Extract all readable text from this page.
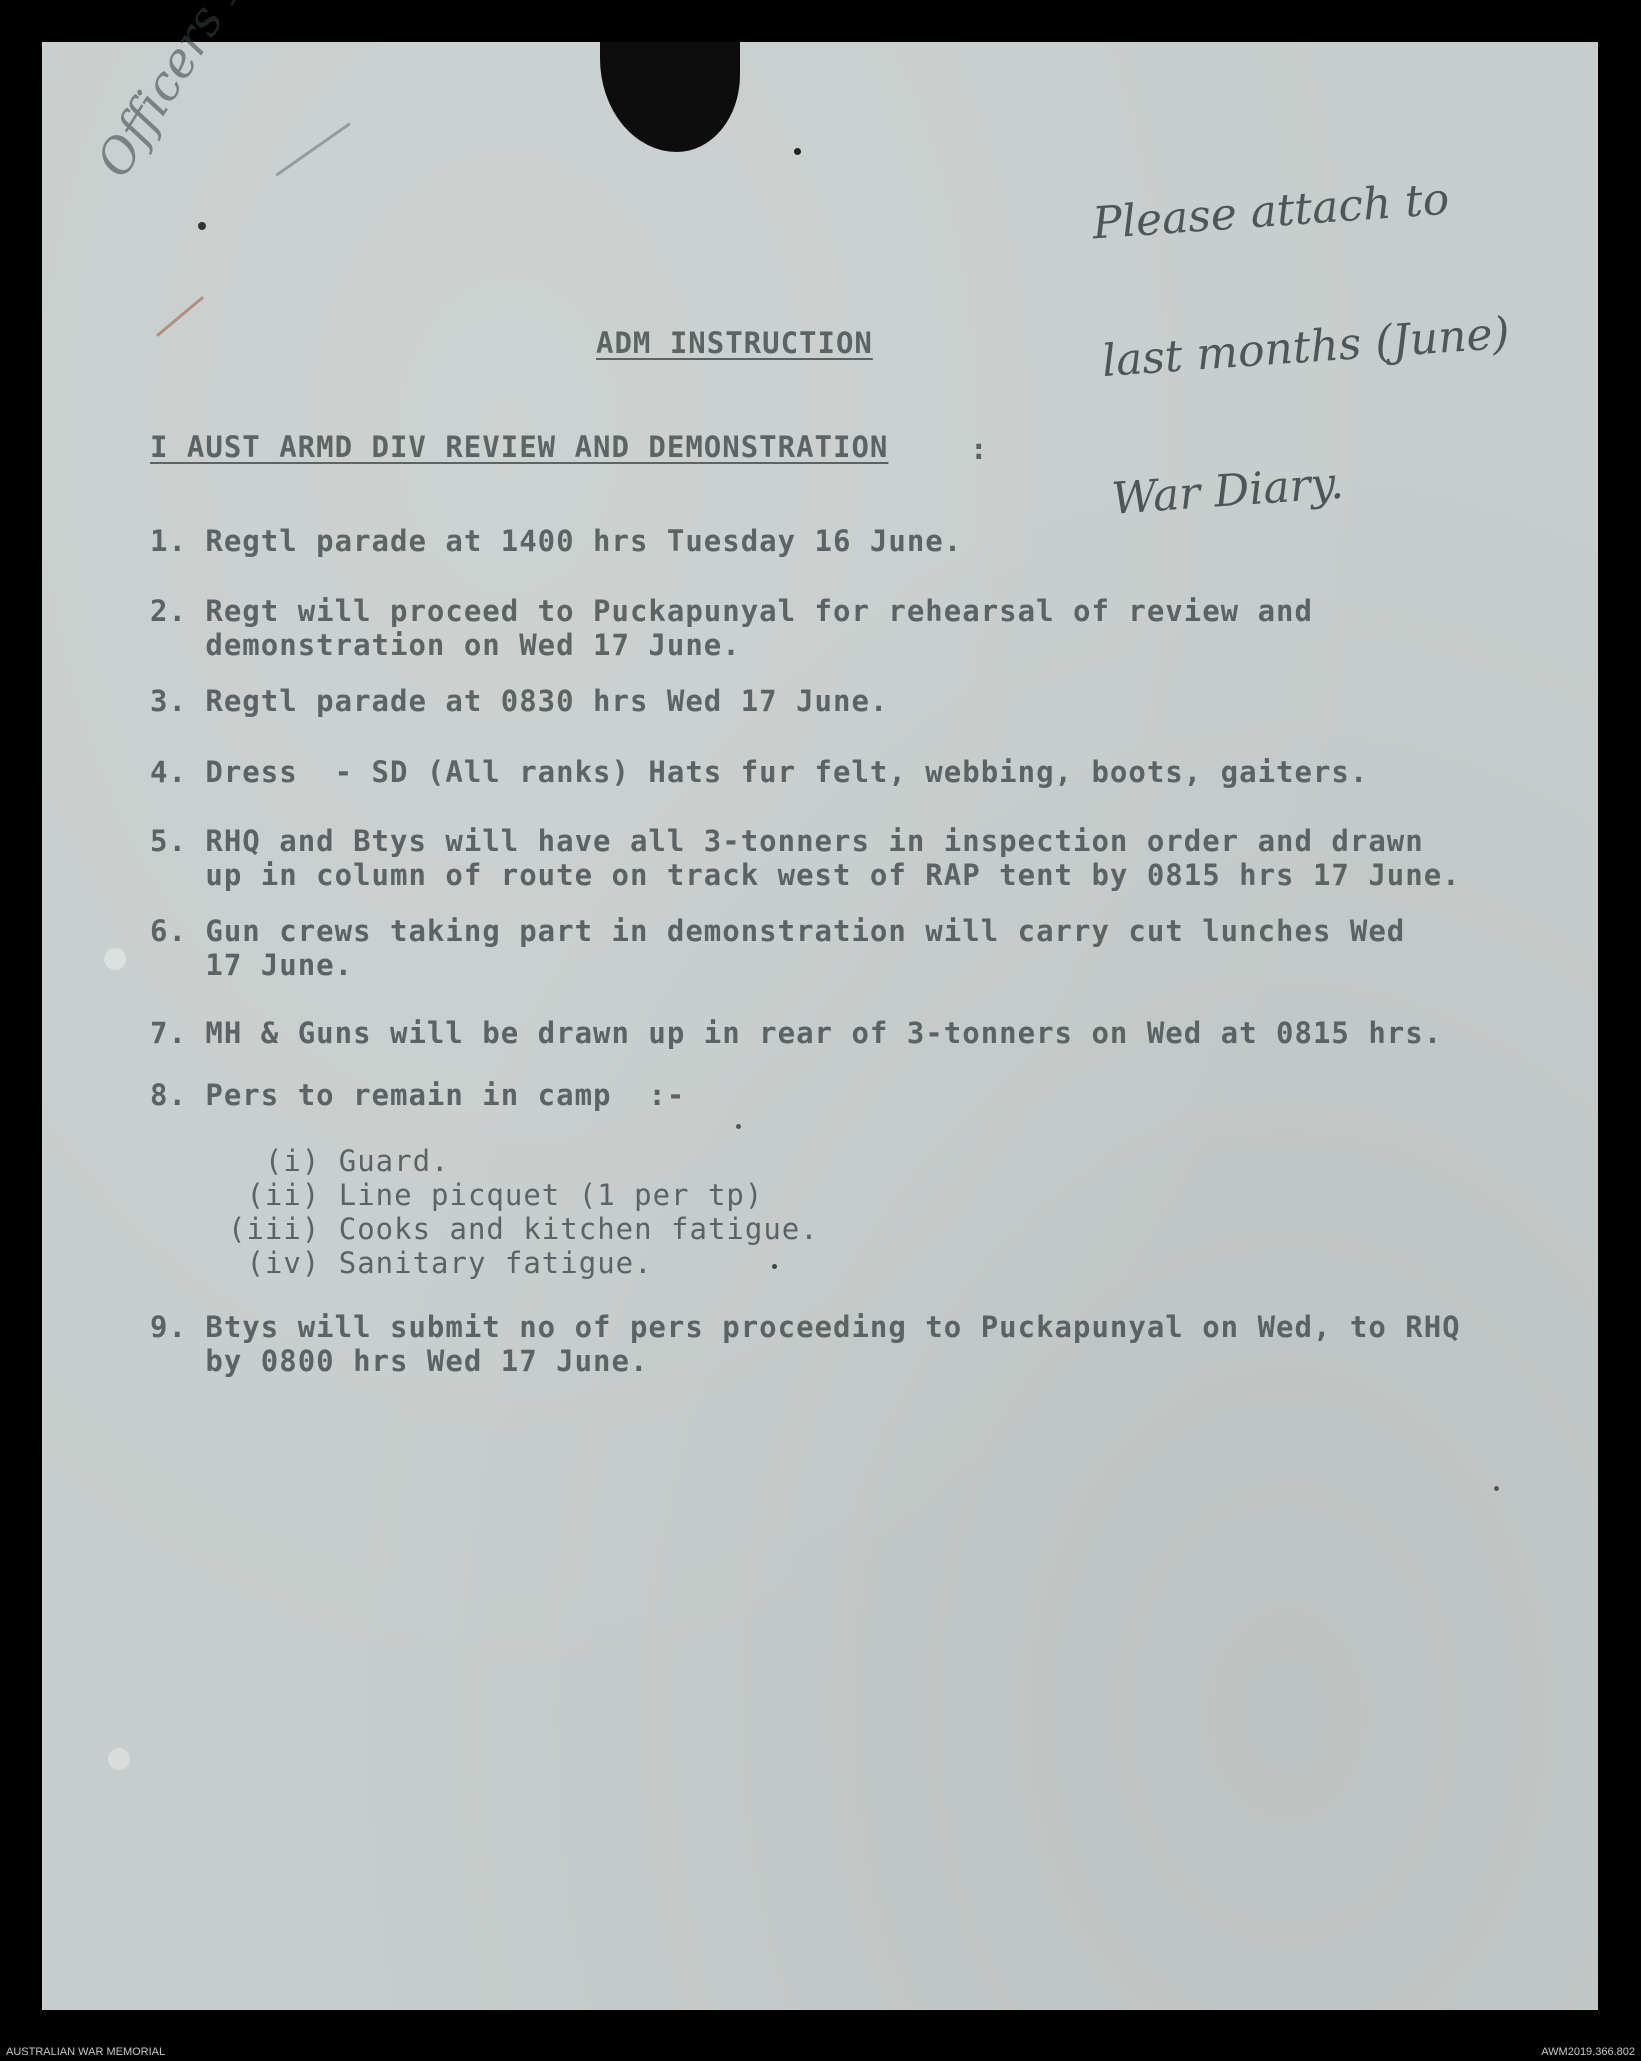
Please attach to

last months (June)

War Diary.

ADM INSTRUCTION
I AUST ARMD DIV REVIEW AND DEMONSTRATION	:
1. Regtl parade at 1400 hrs Tuesday 16 June.
2. Regt will proceed to Puckapunyal for rehearsal of review and
demonstration on Wed 17 June.
3. Regtl parade at 0830 hrs Wed 17 June.
4. Dress  - SD (All ranks) Hats fur felt, webbing, boots, gaiters.
5. RHQ and Btys will have all 3-tonners in inspection order and drawn
up in column of route on track west of RAP tent by 0815 hrs 17 June.
6. Gun crews taking part in demonstration will carry cut lunches Wed
17 June.
7. MH & Guns will be drawn up in rear of 3-tonners on Wed at 0815 hrs.
8. Pers to remain in camp  :-
(i) Guard.
(ii) Line picquet (1 per tp)
(iii) Cooks and kitchen fatigue.
(iv) Sanitary fatigue.
9. Btys will submit no of pers proceeding to Puckapunyal on Wed, to RHQ
by 0800 hrs Wed 17 June.
AUSTRALIAN WAR MEMORIAL	AWM2019.366.802
